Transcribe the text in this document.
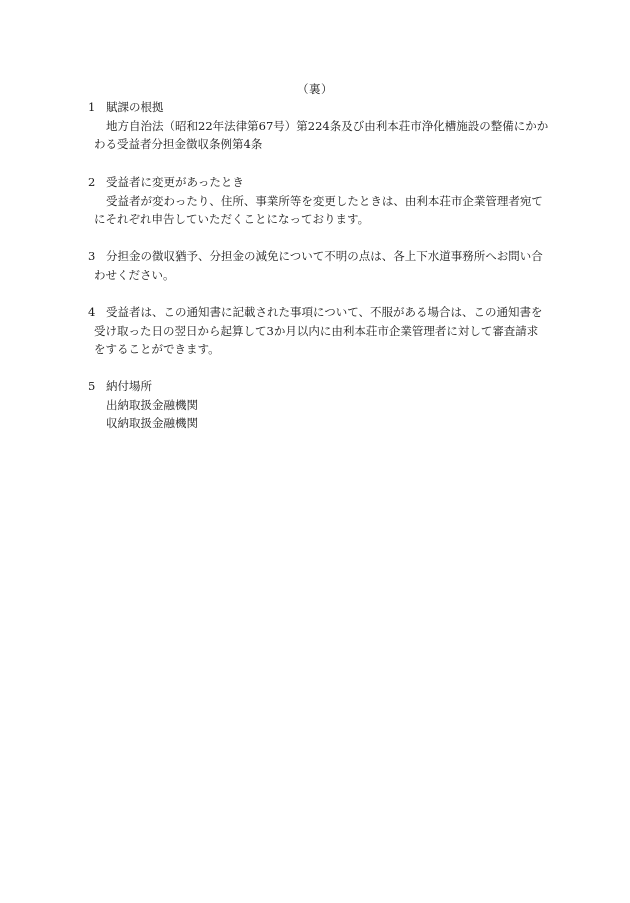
（裏）
1 賦課の根拠
地方自治法（昭和22年法律第67号）第224条及び由利本荘市浄化槽施設の整備にかか
わる受益者分担金徴収条例第4条
2 受益者に変更があったとき
受益者が変わったり、住所、事業所等を変更したときは、由利本荘市企業管理者宛て
にそれぞれ申告していただくことになっております。
3 分担金の徴収猶予、分担金の減免について不明の点は、各上下水道事務所へお問い合
わせください。
4 受益者は、この通知書に記載された事項について、不服がある場合は、この通知書を
受け取った日の翌日から起算して3か月以内に由利本荘市企業管理者に対して審査請求
をすることができます。
5 納付場所
出納取扱金融機関
収納取扱金融機関
